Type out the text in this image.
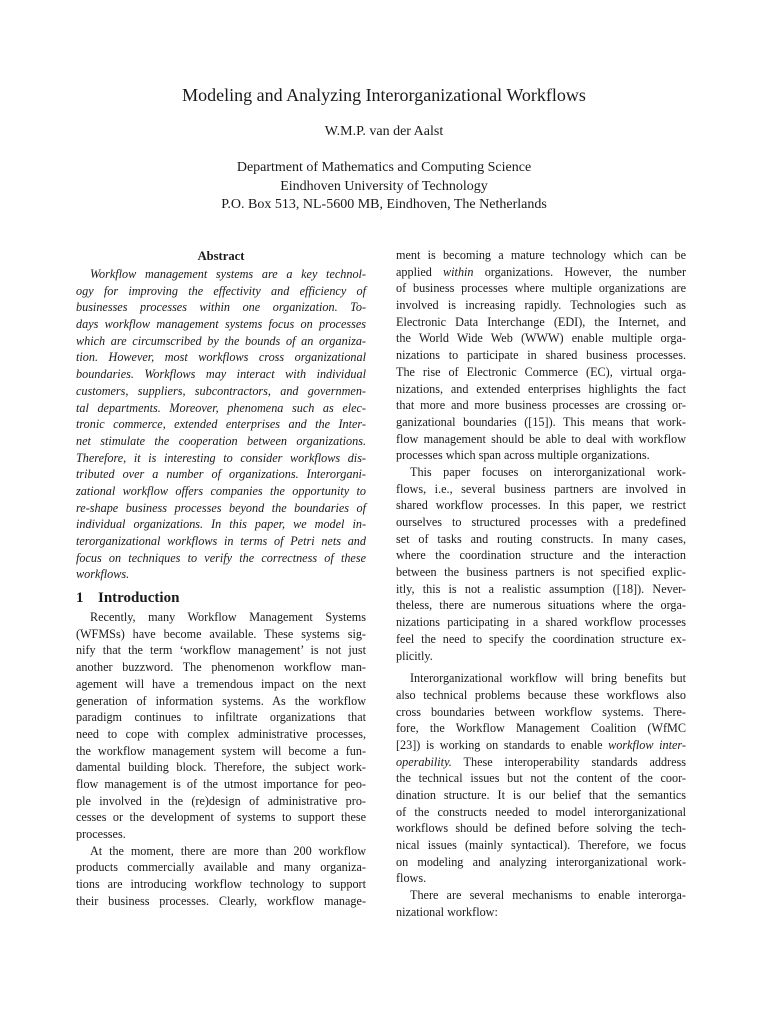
Modeling and Analyzing Interorganizational Workflows
W.M.P. van der Aalst
Department of Mathematics and Computing Science
Eindhoven University of Technology
P.O. Box 513, NL-5600 MB, Eindhoven, The Netherlands
Abstract
Workflow management systems are a key technol-
ogy for improving the effectivity and efficiency of
businesses processes within one organization. To-
days workflow management systems focus on processes
which are circumscribed by the bounds of an organiza-
tion. However, most workflows cross organizational
boundaries. Workflows may interact with individual
customers, suppliers, subcontractors, and governmen-
tal departments. Moreover, phenomena such as elec-
tronic commerce, extended enterprises and the Inter-
net stimulate the cooperation between organizations.
Therefore, it is interesting to consider workflows dis-
tributed over a number of organizations. Interorgani-
zational workflow offers companies the opportunity to
re-shape business processes beyond the boundaries of
individual organizations. In this paper, we model in-
terorganizational workflows in terms of Petri nets and
focus on techniques to verify the correctness of these
workflows.
1 Introduction
Recently, many Workflow Management Systems
(WFMSs) have become available. These systems sig-
nify that the term ‘workflow management’ is not just
another buzzword. The phenomenon workflow man-
agement will have a tremendous impact on the next
generation of information systems. As the workflow
paradigm continues to infiltrate organizations that
need to cope with complex administrative processes,
the workflow management system will become a fun-
damental building block. Therefore, the subject work-
flow management is of the utmost importance for peo-
ple involved in the (re)design of administrative pro-
cesses or the development of systems to support these
processes.
At the moment, there are more than 200 workflow
products commercially available and many organiza-
tions are introducing workflow technology to support
their business processes. Clearly, workflow manage-
ment is becoming a mature technology which can be
applied within organizations. However, the number
of business processes where multiple organizations are
involved is increasing rapidly. Technologies such as
Electronic Data Interchange (EDI), the Internet, and
the World Wide Web (WWW) enable multiple orga-
nizations to participate in shared business processes.
The rise of Electronic Commerce (EC), virtual orga-
nizations, and extended enterprises highlights the fact
that more and more business processes are crossing or-
ganizational boundaries ([15]). This means that work-
flow management should be able to deal with workflow
processes which span across multiple organizations.
This paper focuses on interorganizational work-
flows, i.e., several business partners are involved in
shared workflow processes. In this paper, we restrict
ourselves to structured processes with a predefined
set of tasks and routing constructs. In many cases,
where the coordination structure and the interaction
between the business partners is not specified explic-
itly, this is not a realistic assumption ([18]). Never-
theless, there are numerous situations where the orga-
nizations participating in a shared workflow processes
feel the need to specify the coordination structure ex-
plicitly.
Interorganizational workflow will bring benefits but
also technical problems because these workflows also
cross boundaries between workflow systems. There-
fore, the Workflow Management Coalition (WfMC
[23]) is working on standards to enable workflow inter-
operability. These interoperability standards address
the technical issues but not the content of the coor-
dination structure. It is our belief that the semantics
of the constructs needed to model interorganizational
workflows should be defined before solving the tech-
nical issues (mainly syntactical). Therefore, we focus
on modeling and analyzing interorganizational work-
flows.
There are several mechanisms to enable interorga-
nizational workflow:
